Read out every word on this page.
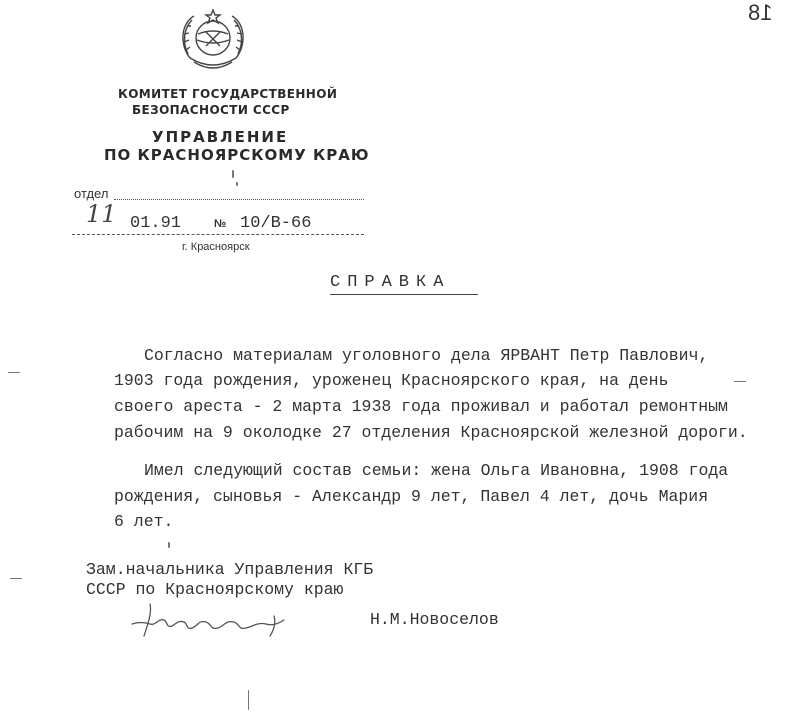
18
КОМИТЕТ ГОСУДАРСТВЕННОЙ
БЕЗОПАСНОСТИ СССР
УПРАВЛЕНИЕ
ПО КРАСНОЯРСКОМУ КРАЮ
отдел
11 01.91	№ 10/В-66
г. Красноярск
СПРАВКА
Согласно материалам уголовного дела ЯРВАНТ Петр Павлович,
1903 года рождения, уроженец Красноярского края, на день
своего ареста - 2 марта 1938 года проживал и работал ремонтным
рабочим на 9 околодке 27 отделения Красноярской железной дороги.
Имел следующий состав семьи: жена Ольга Ивановна, 1908 года
рождения, сыновья - Александр 9 лет, Павел 4 лет, дочь Мария
6 лет.
Зам.начальника Управления КГБ
СССР по Красноярскому краю
Н.М.Новоселов
